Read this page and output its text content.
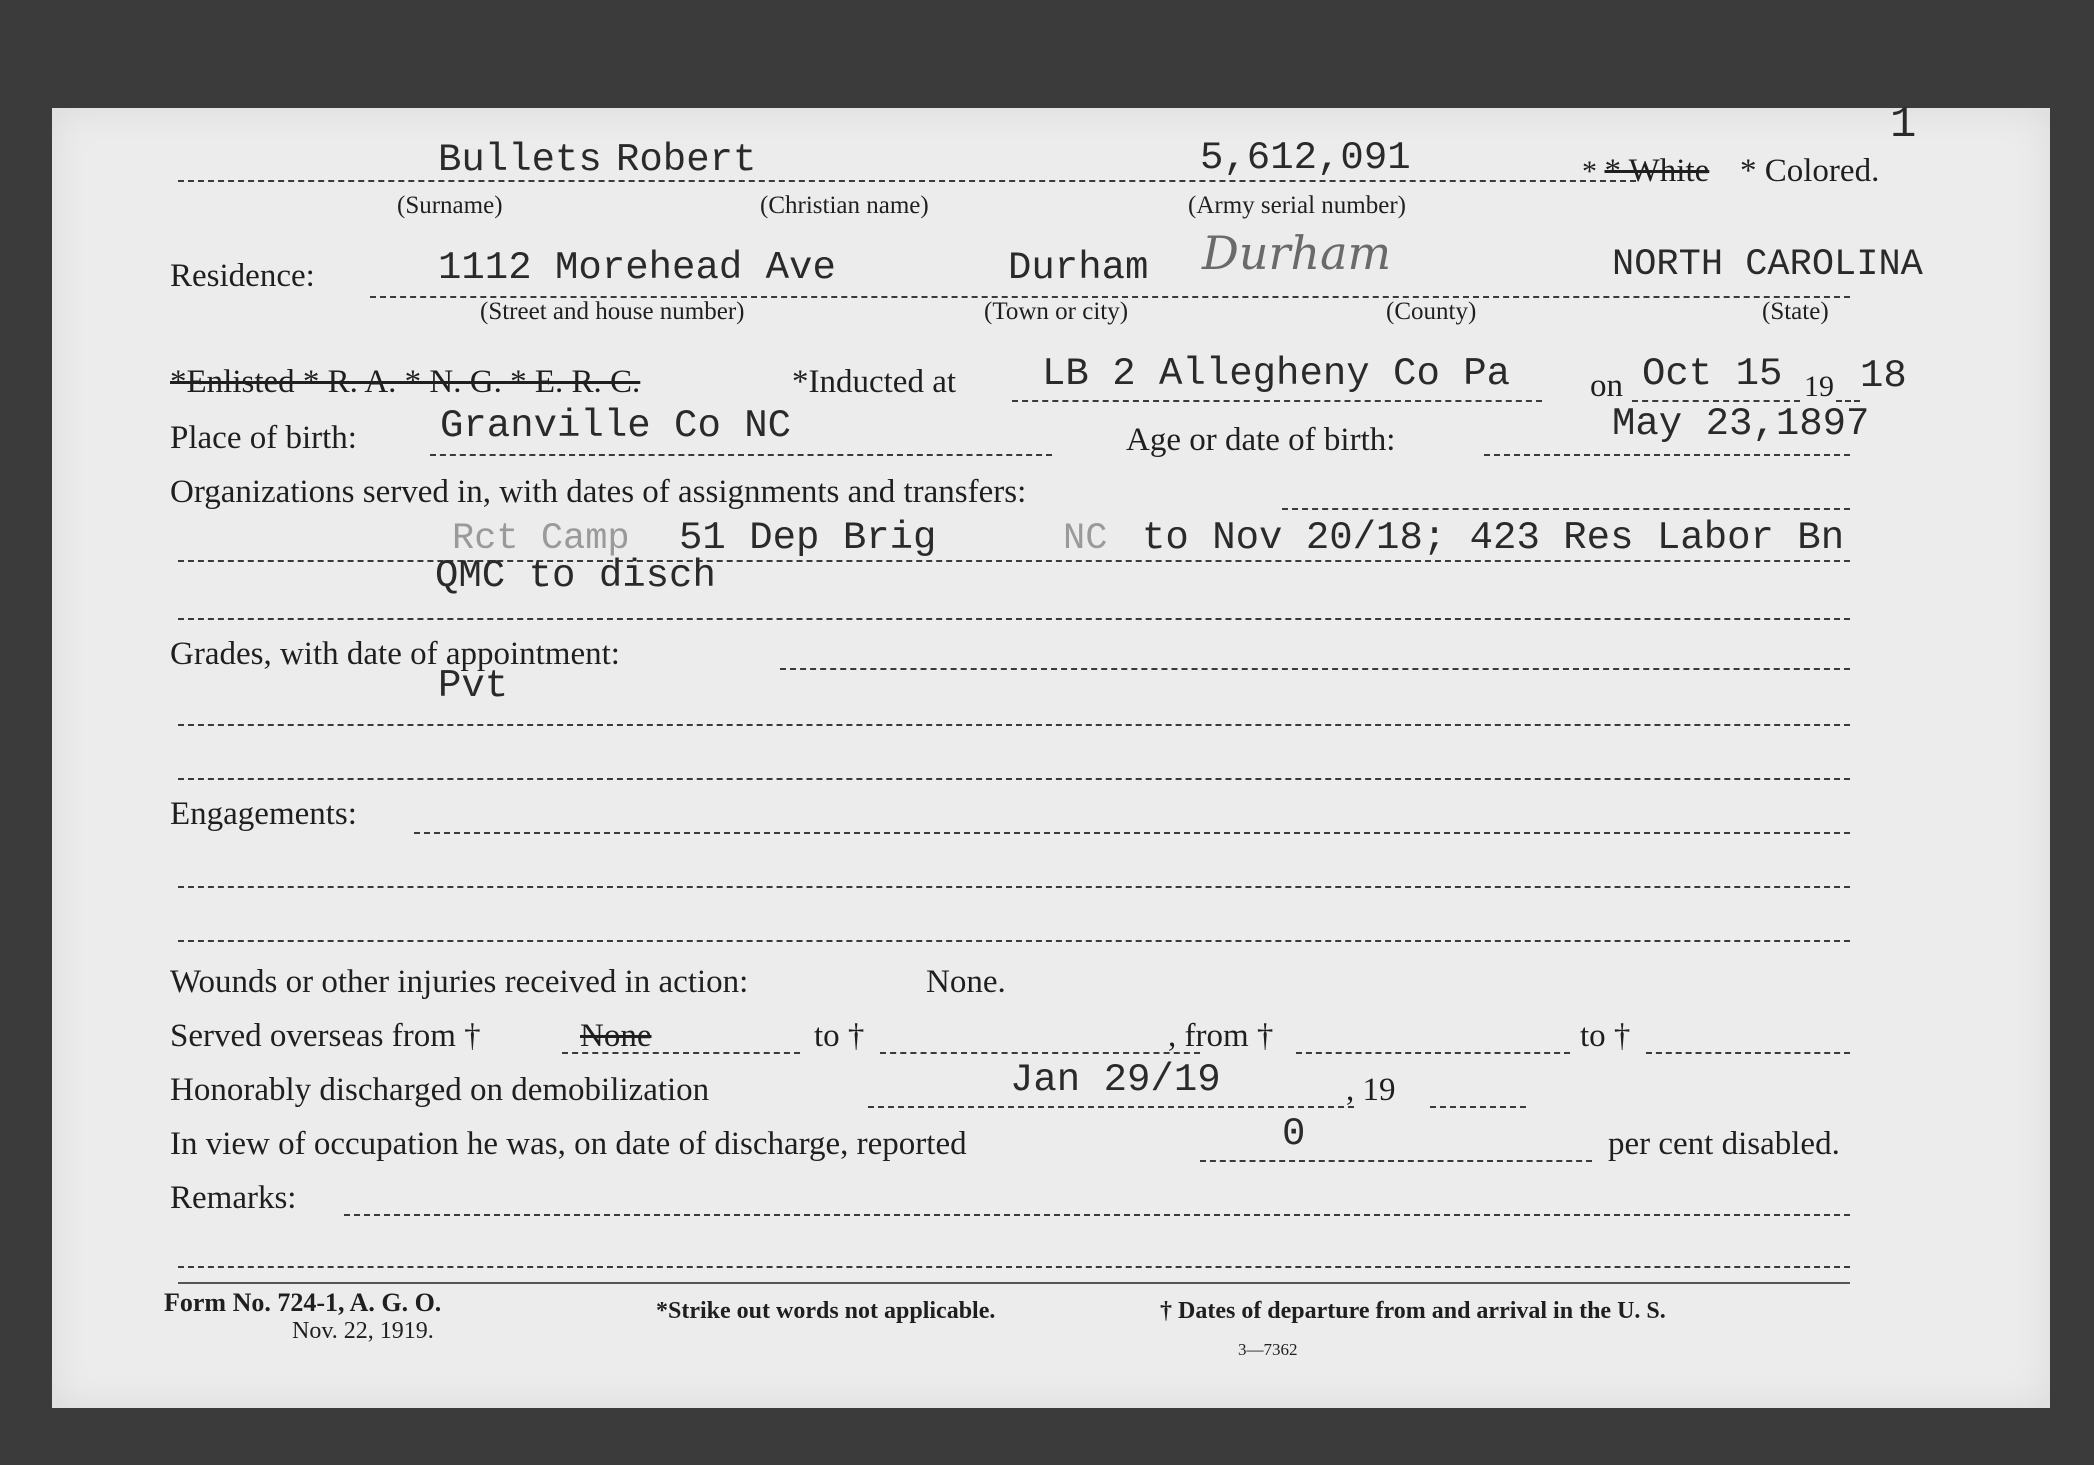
1
Bullets Robert	5,612,091	* * White * Colored.
(Surname)	(Christian name)	(Army serial number)
Residence:	1112 Morehead Ave	Durham Durham	NORTH CAROLINA
(Street and house number)	(Town or city)	(County)	(State)
*Enlisted * R. A. * N. G. * E. R. C.	*Inducted at LB 2 Allegheny Co Pa on Oct 15 19 18
Place of birth: Granville Co NC	Age or date of birth:	May 23,1897
Organizations served in, with dates of assignments and transfers:
Rct Camp 51 Dep Brig	NC to Nov 20/18; 423 Res Labor Bn
QMC to disch
Grades, with date of appointment:
Pvt
Engagements:
Wounds or other injuries received in action:	None.
Served overseas from †	None	to †	, from †	to †
Honorably discharged on demobilization	Jan 29/19	, 19
In view of occupation he was, on date of discharge, reported	0	per cent disabled.
Remarks:
Form No. 724-1, A. G. O.
Nov. 22, 1919.
*Strike out words not applicable.	† Dates of departure from and arrival in the U. S.
3—7362
